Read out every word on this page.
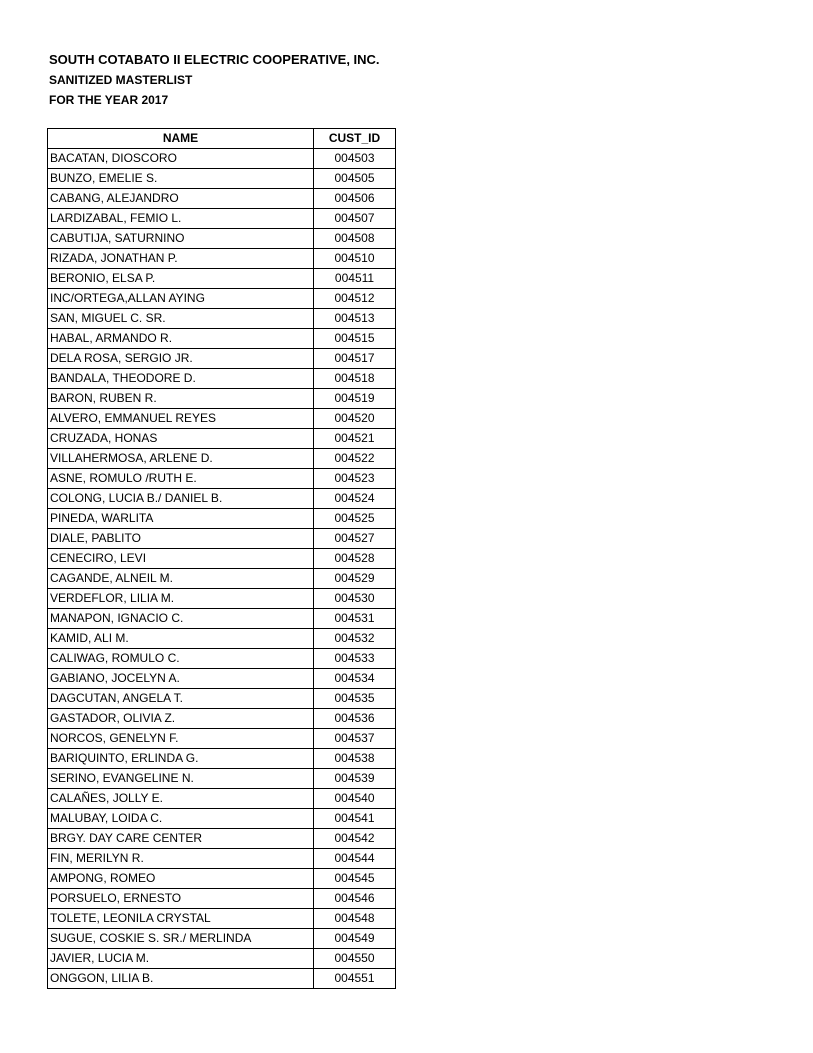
SOUTH COTABATO II ELECTRIC COOPERATIVE, INC.
SANITIZED MASTERLIST
FOR THE YEAR 2017
NAME	CUST_ID
BACATAN, DIOSCORO	004503
BUNZO, EMELIE S.	004505
CABANG, ALEJANDRO	004506
LARDIZABAL, FEMIO L.	004507
CABUTIJA, SATURNINO	004508
RIZADA, JONATHAN P.	004510
BERONIO, ELSA P.	004511
INC/ORTEGA,ALLAN AYING	004512
SAN, MIGUEL C. SR.	004513
HABAL, ARMANDO R.	004515
DELA ROSA, SERGIO JR.	004517
BANDALA, THEODORE D.	004518
BARON, RUBEN R.	004519
ALVERO, EMMANUEL REYES	004520
CRUZADA, HONAS	004521
VILLAHERMOSA, ARLENE D.	004522
ASNE, ROMULO /RUTH E.	004523
COLONG, LUCIA B./ DANIEL B.	004524
PINEDA, WARLITA	004525
DIALE, PABLITO	004527
CENECIRO, LEVI	004528
CAGANDE, ALNEIL M.	004529
VERDEFLOR, LILIA M.	004530
MANAPON, IGNACIO C.	004531
KAMID, ALI M.	004532
CALIWAG, ROMULO C.	004533
GABIANO, JOCELYN A.	004534
DAGCUTAN, ANGELA T.	004535
GASTADOR, OLIVIA Z.	004536
NORCOS, GENELYN F.	004537
BARIQUINTO, ERLINDA G.	004538
SERINO, EVANGELINE N.	004539
CALAÑES, JOLLY E.	004540
MALUBAY, LOIDA C.	004541
BRGY. DAY CARE CENTER	004542
FIN, MERILYN R.	004544
AMPONG, ROMEO	004545
PORSUELO, ERNESTO	004546
TOLETE, LEONILA CRYSTAL	004548
SUGUE, COSKIE S. SR./ MERLINDA	004549
JAVIER, LUCIA M.	004550
ONGGON, LILIA B.	004551
